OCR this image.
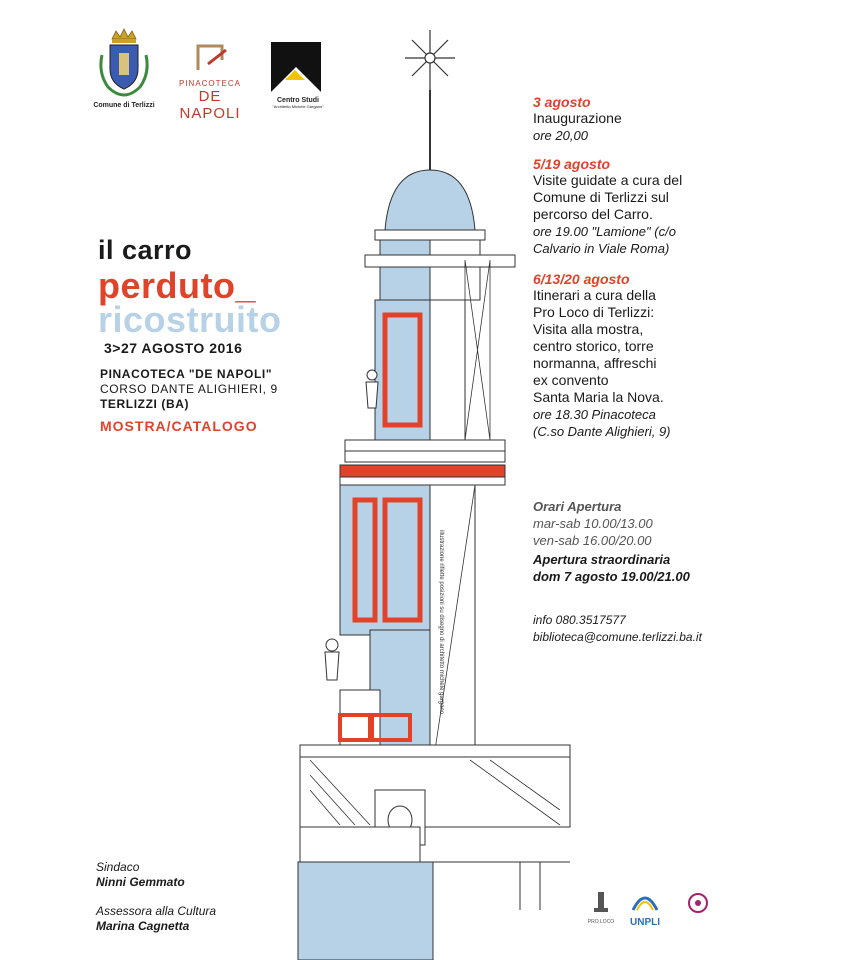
Comune di Terlizzi
PINACOTECA
DE NAPOLI
Centro Studi
"Architetto Michele Gargano"
illustrazione riflette posizioni su disegno di architetto michele gargano
il carro
perduto_
ricostruito
3>27 AGOSTO 2016
PINACOTECA "DE NAPOLI"
CORSO DANTE ALIGHIERI, 9
TERLIZZI (BA)
MOSTRA/CATALOGO
3 agosto
Inaugurazione
ore 20,00
5/19 agosto
Visite guidate a cura del
Comune di Terlizzi sul
percorso del Carro.
ore 19.00 "Lamione" (c/o
Calvario in Viale Roma)
6/13/20 agosto
Itinerari a cura della
Pro Loco di Terlizzi:
Visita alla mostra,
centro storico, torre
normanna, affreschi
ex convento
Santa Maria la Nova.
ore 18.30 Pinacoteca
(C.so Dante Alighieri, 9)
Orari Apertura
mar-sab 10.00/13.00
ven-sab 16.00/20.00
Apertura straordinaria
dom 7 agosto 19.00/21.00
info 080.3517577
biblioteca@comune.terlizzi.ba.it
Sindaco
Ninni Gemmato
Assessora alla Cultura
Marina Cagnetta	PRO LOCO	UNPLI
